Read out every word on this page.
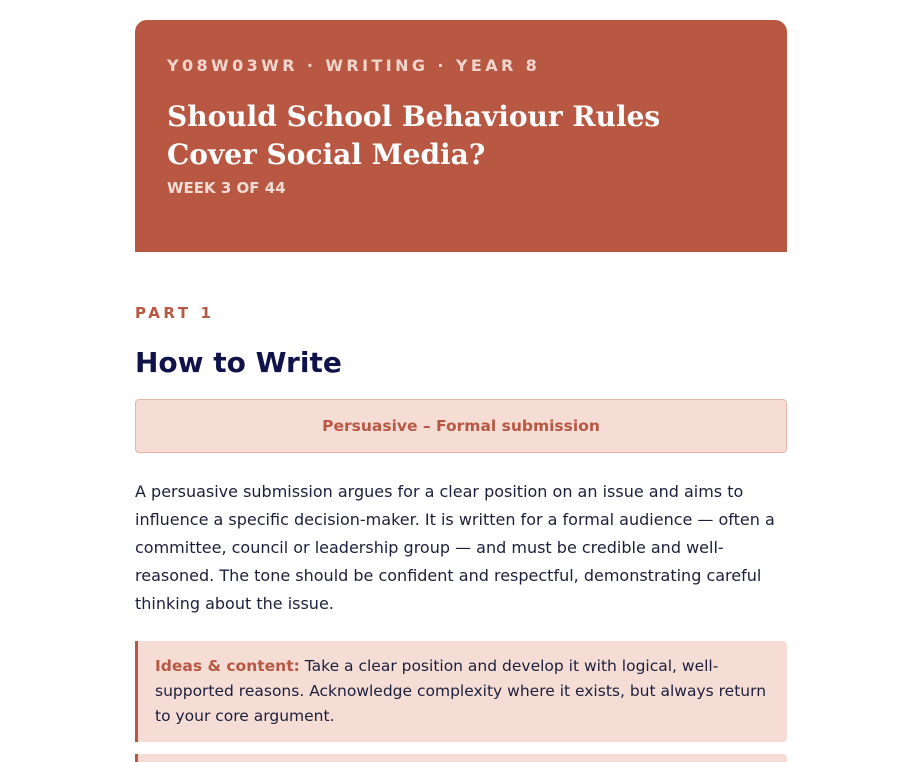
Y08W03WR · WRITING · YEAR 8

Should School Behaviour Rules Cover Social Media?
WEEK 3 OF 44

PART 1

How to Write
Persuasive – Formal submission

A persuasive submission argues for a clear position on an issue and aims to influence a specific decision-maker. It is written for a formal audience — often a committee, council or leadership group — and must be credible and well-reasoned. The tone should be confident and respectful, demonstrating careful thinking about the issue.

Ideas & content: Take a clear position and develop it with logical, well-supported reasons. Acknowledge complexity where it exists, but always return to your core argument.
